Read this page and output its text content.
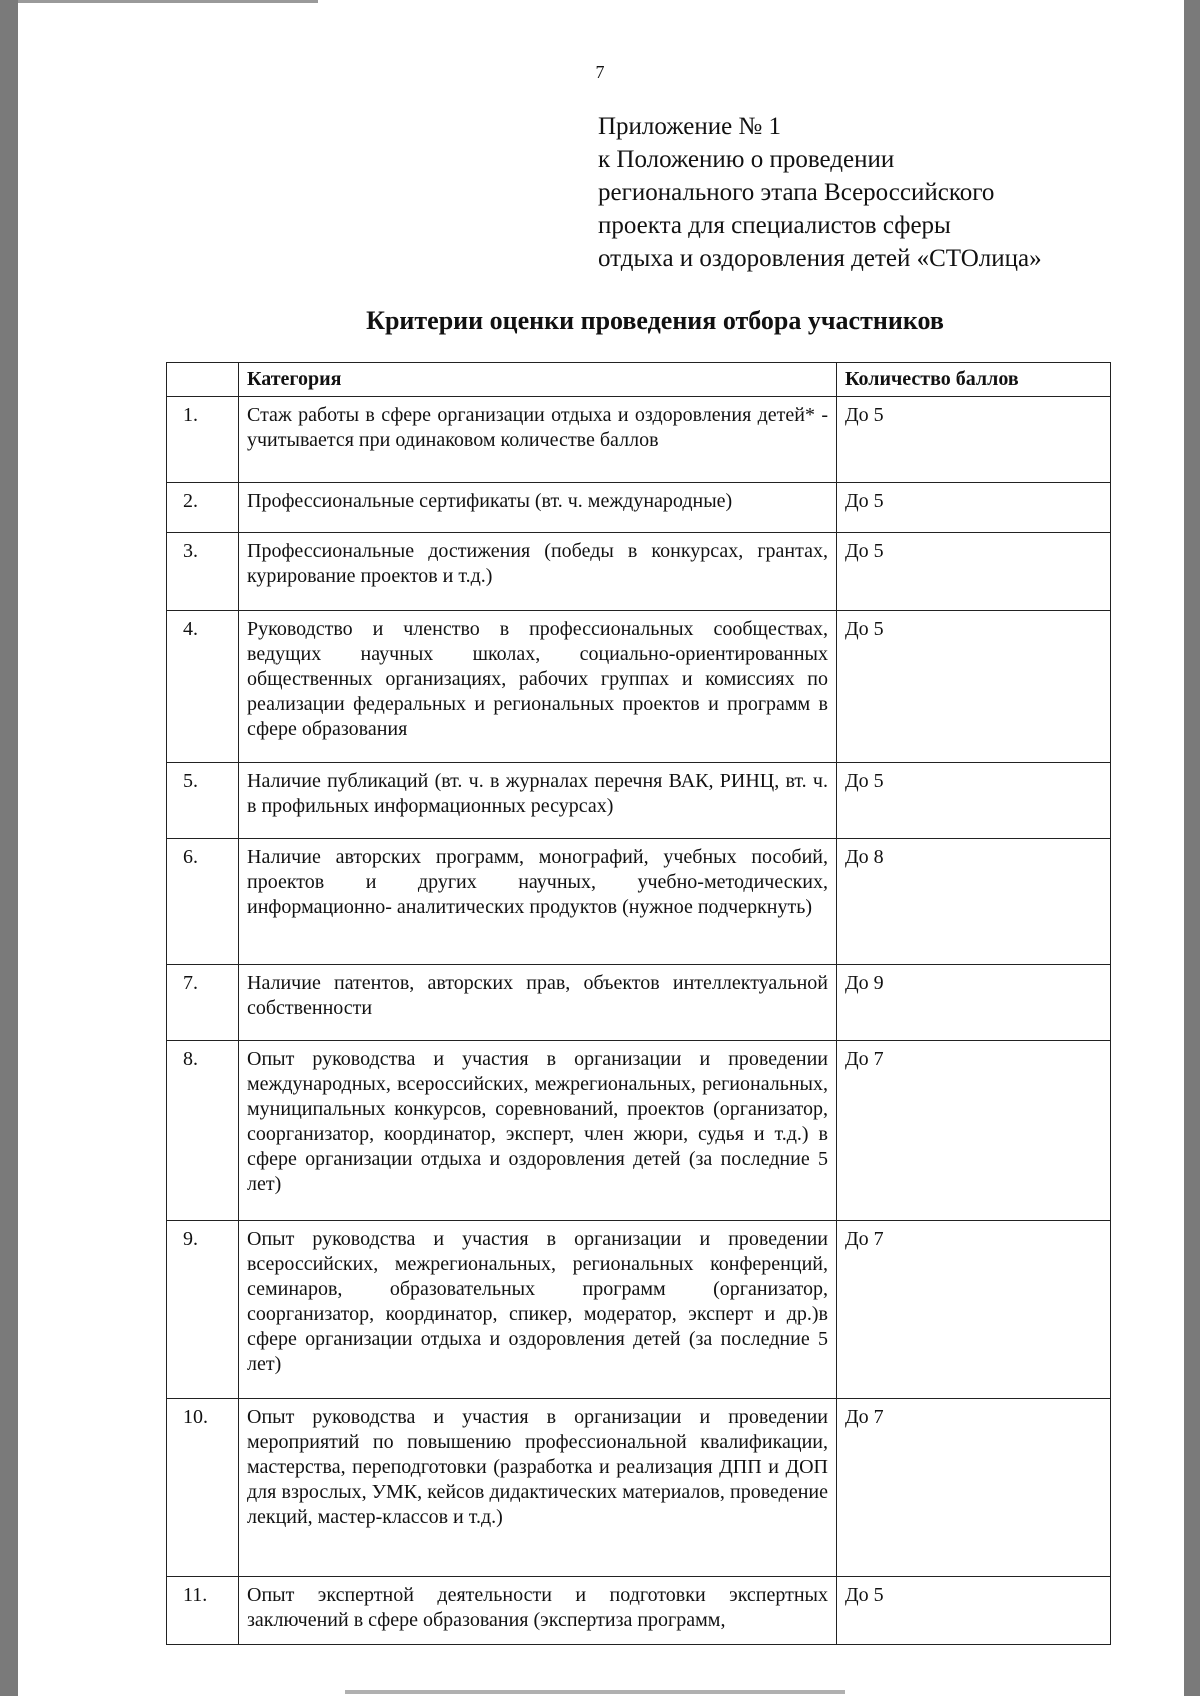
7
Приложение № 1
к Положению о проведении
регионального этапа Всероссийского
проекта для специалистов сферы
отдыха и оздоровления детей «СТОлица»
Критерии оценки проведения отбора участников
	Категория	Количество баллов
1.	Стаж работы в сфере организации отдыха и оздоровления детей* - учитывается при одинаковом количестве баллов	До 5
2.	Профессиональные сертификаты (вт. ч. международные)	До 5
3.	Профессиональные достижения (победы в конкурсах, грантах, курирование проектов и т.д.)	До 5
4.	Руководство и членство в профессиональных сообществах, ведущих научных школах, социально-ориентированных общественных организациях, рабочих группах и комиссиях по реализации федеральных и региональных проектов и программ в сфере образования	До 5
5.	Наличие публикаций (вт. ч. в журналах перечня ВАК, РИНЦ, вт. ч. в профильных информационных ресурсах)	До 5
6.	Наличие авторских программ, монографий, учебных пособий, проектов и других научных, учебно-методических, информационно- аналитических продуктов (нужное подчеркнуть)	До 8
7.	Наличие патентов, авторских прав, объектов интеллектуальной собственности	До 9
8.	Опыт руководства и участия в организации и проведении международных, всероссийских, межрегиональных, региональных, муниципальных конкурсов, соревнований, проектов (организатор, соорганизатор, координатор, эксперт, член жюри, судья и т.д.) в сфере организации отдыха и оздоровления детей (за последние 5 лет)	До 7
9.	Опыт руководства и участия в организации и проведении всероссийских, межрегиональных, региональных конференций, семинаров, образовательных программ (организатор, соорганизатор, координатор, спикер, модератор, эксперт и др.)в сфере организации отдыха и оздоровления детей (за последние 5 лет)	До 7
10.	Опыт руководства и участия в организации и проведении мероприятий по повышению профессиональной квалификации, мастерства, переподготовки (разработка и реализация ДПП и ДОП для взрослых, УМК, кейсов дидактических материалов, проведение лекций, мастер-классов и т.д.)	До 7
11.	Опыт экспертной деятельности и подготовки экспертных заключений в сфере образования (экспертиза программ,	До 5
